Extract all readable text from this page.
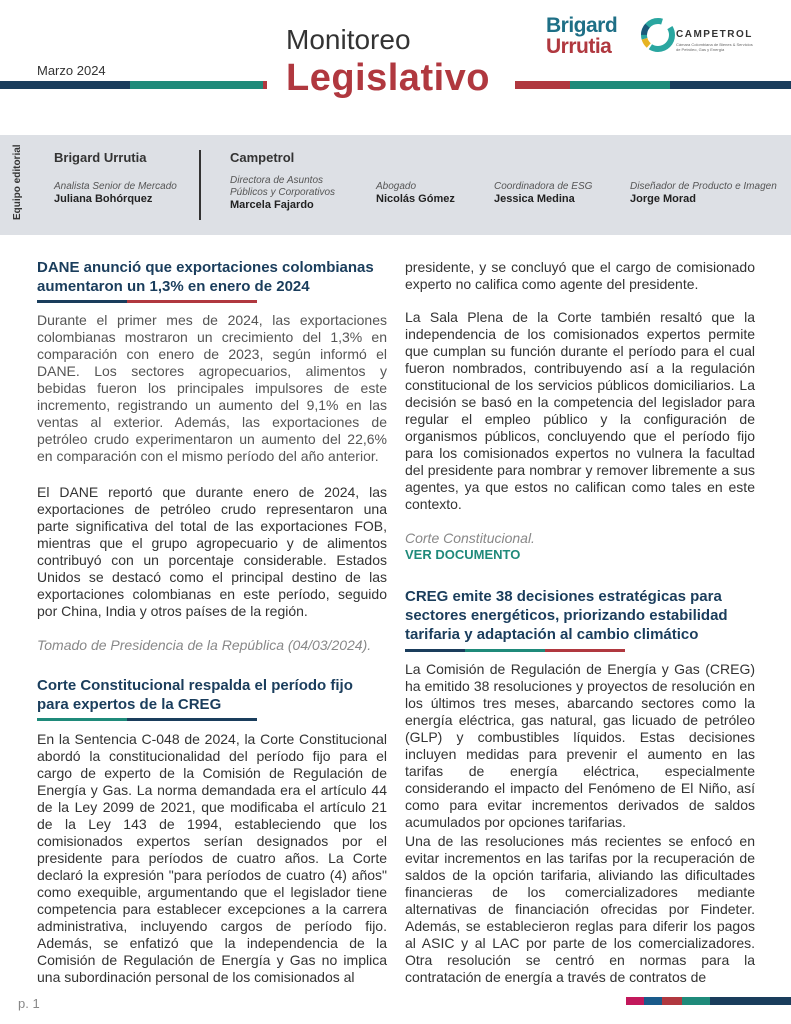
Marzo 2024
Monitoreo
Legislativo
Brigard
Urrutia
CAMPETROL
Cámara Colombiana de Bienes & Servicios de Petróleo, Gas y Energía
Equipo editorial Brigard Urrutia	Campetrol
Analista Senior de Mercado
Juliana Bohórquez
Directora de Asuntos Públicos y Corporativos
Marcela Fajardo
Abogado
Nicolás Gómez
Coordinadora de ESG
Jessica Medina
Diseñador de Producto e Imagen
Jorge Morad
DANE anunció que exportaciones colombianas aumentaron un 1,3% en enero de 2024
Durante el primer mes de 2024, las exportaciones colombianas mostraron un crecimiento del 1,3% en comparación con enero de 2023, según informó el DANE. Los sectores agropecuarios, alimentos y bebidas fueron los principales impulsores de este incremento, registrando un aumento del 9,1% en las ventas al exterior. Además, las exportaciones de petróleo crudo experimentaron un aumento del 22,6% en comparación con el mismo período del año anterior.
El DANE reportó que durante enero de 2024, las exportaciones de petróleo crudo representaron una parte significativa del total de las exportaciones FOB, mientras que el grupo agropecuario y de alimentos contribuyó con un porcentaje considerable. Estados Unidos se destacó como el principal destino de las exportaciones colombianas en este período, seguido por China, India y otros países de la región.
Tomado de Presidencia de la República (04/03/2024).
Corte Constitucional respalda el período fijo para expertos de la CREG
En la Sentencia C-048 de 2024, la Corte Constitucional abordó la constitucionalidad del período fijo para el cargo de experto de la Comisión de Regulación de Energía y Gas. La norma demandada era el artículo 44 de la Ley 2099 de 2021, que modificaba el artículo 21 de la Ley 143 de 1994, estableciendo que los comisionados expertos serían designados por el presidente para períodos de cuatro años. La Corte declaró la expresión "para períodos de cuatro (4) años" como exequible, argumentando que el legislador tiene competencia para establecer excepciones a la carrera administrativa, incluyendo cargos de período fijo. Además, se enfatizó que la independencia de la Comisión de Regulación de Energía y Gas no implica una subordinación personal de los comisionados al
presidente, y se concluyó que el cargo de comisionado experto no califica como agente del presidente.
La Sala Plena de la Corte también resaltó que la independencia de los comisionados expertos permite que cumplan su función durante el período para el cual fueron nombrados, contribuyendo así a la regulación constitucional de los servicios públicos domiciliarios. La decisión se basó en la competencia del legislador para regular el empleo público y la configuración de organismos públicos, concluyendo que el período fijo para los comisionados expertos no vulnera la facultad del presidente para nombrar y remover libremente a sus agentes, ya que estos no califican como tales en este contexto.
Corte Constitucional.
VER DOCUMENTO
CREG emite 38 decisiones estratégicas para sectores energéticos, priorizando estabilidad tarifaria y adaptación al cambio climático
La Comisión de Regulación de Energía y Gas (CREG) ha emitido 38 resoluciones y proyectos de resolución en los últimos tres meses, abarcando sectores como la energía eléctrica, gas natural, gas licuado de petróleo (GLP) y combustibles líquidos. Estas decisiones incluyen medidas para prevenir el aumento en las tarifas de energía eléctrica, especialmente considerando el impacto del Fenómeno de El Niño, así como para evitar incrementos derivados de saldos acumulados por opciones tarifarias.
Una de las resoluciones más recientes se enfocó en evitar incrementos en las tarifas por la recuperación de saldos de la opción tarifaria, aliviando las dificultades financieras de los comercializadores mediante alternativas de financiación ofrecidas por Findeter. Además, se establecieron reglas para diferir los pagos al ASIC y al LAC por parte de los comercializadores. Otra resolución se centró en normas para la contratación de energía a través de contratos de
p. 1
